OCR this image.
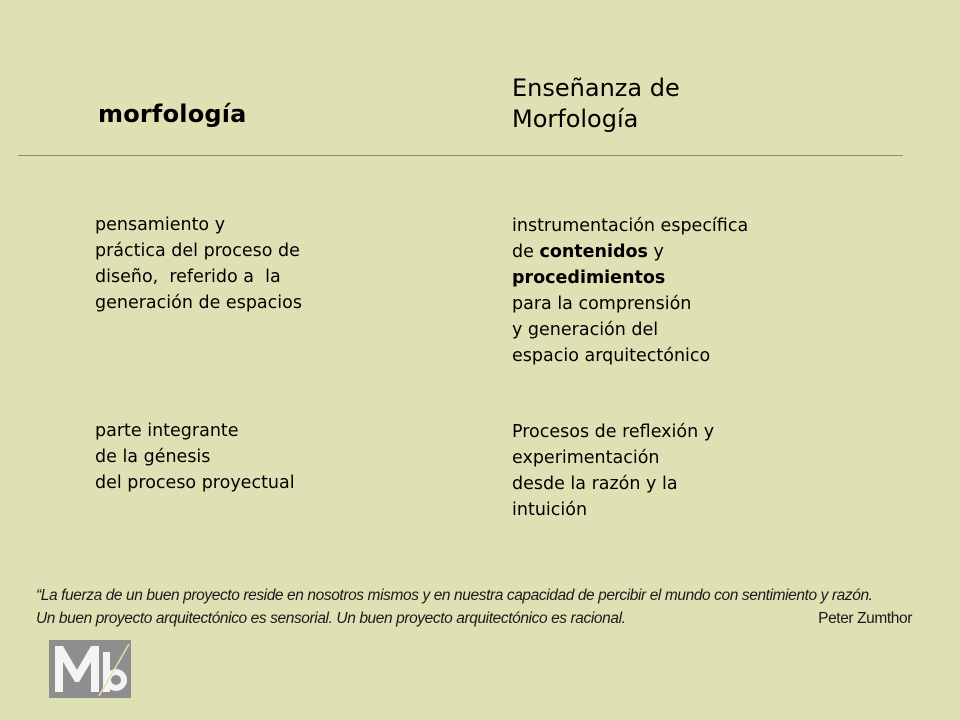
morfología
Enseñanza de
Morfología
pensamiento y
práctica del proceso de
diseño,  referido a  la
generación de espacios
parte integrante
de la génesis
del proceso proyectual
instrumentación específica
de contenidos y
procedimientos
para la comprensión
y generación del
espacio arquitectónico
Procesos de reflexión y
experimentación
desde la razón y la
intuición
“La fuerza de un buen proyecto reside en nosotros mismos y en nuestra capacidad de percibir el mundo con sentimiento y razón.
Un buen proyecto arquitectónico es sensorial. Un buen proyecto arquitectónico es racional.	Peter Zumthor
